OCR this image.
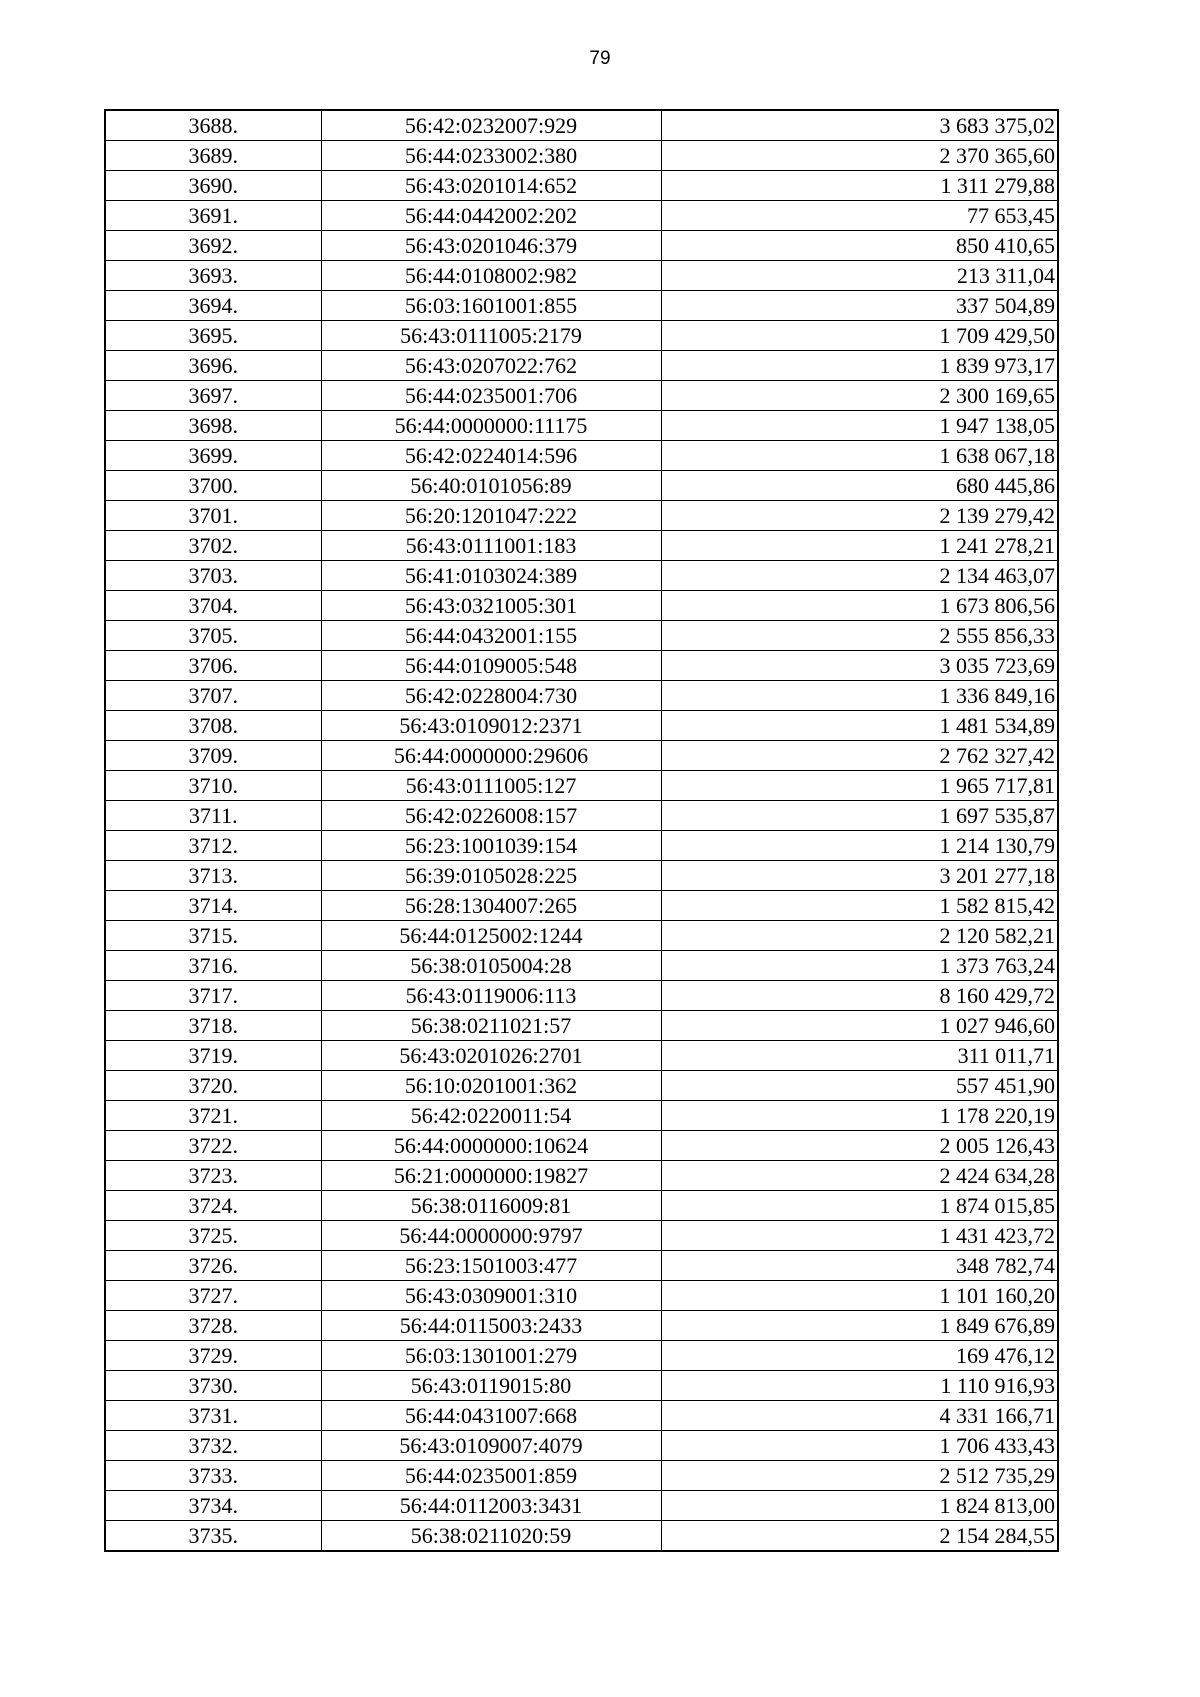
79
3688.	56:42:0232007:929	3 683 375,02
3689.	56:44:0233002:380	2 370 365,60
3690.	56:43:0201014:652	1 311 279,88
3691.	56:44:0442002:202	77 653,45
3692.	56:43:0201046:379	850 410,65
3693.	56:44:0108002:982	213 311,04
3694.	56:03:1601001:855	337 504,89
3695.	56:43:0111005:2179	1 709 429,50
3696.	56:43:0207022:762	1 839 973,17
3697.	56:44:0235001:706	2 300 169,65
3698.	56:44:0000000:11175	1 947 138,05
3699.	56:42:0224014:596	1 638 067,18
3700.	56:40:0101056:89	680 445,86
3701.	56:20:1201047:222	2 139 279,42
3702.	56:43:0111001:183	1 241 278,21
3703.	56:41:0103024:389	2 134 463,07
3704.	56:43:0321005:301	1 673 806,56
3705.	56:44:0432001:155	2 555 856,33
3706.	56:44:0109005:548	3 035 723,69
3707.	56:42:0228004:730	1 336 849,16
3708.	56:43:0109012:2371	1 481 534,89
3709.	56:44:0000000:29606	2 762 327,42
3710.	56:43:0111005:127	1 965 717,81
3711.	56:42:0226008:157	1 697 535,87
3712.	56:23:1001039:154	1 214 130,79
3713.	56:39:0105028:225	3 201 277,18
3714.	56:28:1304007:265	1 582 815,42
3715.	56:44:0125002:1244	2 120 582,21
3716.	56:38:0105004:28	1 373 763,24
3717.	56:43:0119006:113	8 160 429,72
3718.	56:38:0211021:57	1 027 946,60
3719.	56:43:0201026:2701	311 011,71
3720.	56:10:0201001:362	557 451,90
3721.	56:42:0220011:54	1 178 220,19
3722.	56:44:0000000:10624	2 005 126,43
3723.	56:21:0000000:19827	2 424 634,28
3724.	56:38:0116009:81	1 874 015,85
3725.	56:44:0000000:9797	1 431 423,72
3726.	56:23:1501003:477	348 782,74
3727.	56:43:0309001:310	1 101 160,20
3728.	56:44:0115003:2433	1 849 676,89
3729.	56:03:1301001:279	169 476,12
3730.	56:43:0119015:80	1 110 916,93
3731.	56:44:0431007:668	4 331 166,71
3732.	56:43:0109007:4079	1 706 433,43
3733.	56:44:0235001:859	2 512 735,29
3734.	56:44:0112003:3431	1 824 813,00
3735.	56:38:0211020:59	2 154 284,55
